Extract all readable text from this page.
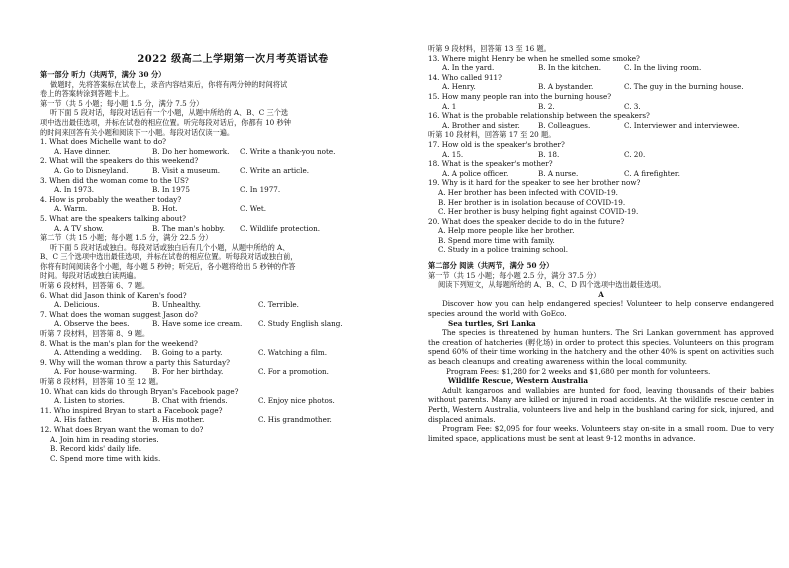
2022 级高二上学期第一次月考英语试卷
第一部分 听力（共两节，满分 30 分）
做题时，先将答案标在试卷上，录音内容结束后，你将有两分钟的时间将试
卷上的答案转涂到答题卡上。
第一节（共 5 小题；每小题 1.5 分，满分 7.5 分）
听下面 5 段对话，每段对话后有一个小题，从题中所给的 A、B、C 三个选
项中选出最佳选项，并标在试卷的相应位置。听完每段对话后，你都有 10 秒钟
的时间来回答有关小题和阅读下一小题。每段对话仅读一遍。
1. What does Michelle want to do?
A. Have dinner.	B. Do her homework. C. Write a thank-you note.
2. What will the speakers do this weekend?
A. Go to Disneyland.	B. Visit a museum.	C. Write an article.
3. When did the woman come to the US?
A. In 1973.	B. In 1975	C. In 1977.
4. How is probably the weather today?
A. Warm.	B. Hot.	C. Wet.
5. What are the speakers talking about?
A. A TV show.	B. The man's hobby. C. Wildlife protection.
第二节（共 15 小题；每小题 1.5 分，满分 22.5 分）
听下面 5 段对话或独白。每段对话或独白后有几个小题，从题中所给的 A、
B、C 三个选项中选出最佳选项，并标在试卷的相应位置。听每段对话或独白前，
你将有时间阅读各个小题，每小题 5 秒钟；听完后，各小题将给出 5 秒钟的作答
时间。每段对话或独白读两遍。
听第 6 段材料，回答第 6、7 题。
6. What did Jason think of Karen's food?
A. Delicious.	B. Unhealthy.	C. Terrible.
7. What does the woman suggest Jason do?
A. Observe the bees.	B. Have some ice cream. C. Study English slang.
听第 7 段材料，回答第 8、9 题。
8. What is the man's plan for the weekend?
A. Attending a wedding. B. Going to a party.	C. Watching a film.
9. Why will the woman throw a party this Saturday?
A. For house-warming. B. For her birthday.	C. For a promotion.
听第 8 段材料，回答第 10 至 12 题。
10. What can kids do through Bryan's Facebook page?
A. Listen to stories.	B. Chat with friends.	C. Enjoy nice photos.
11. Who inspired Bryan to start a Facebook page?
A. His father.	B. His mother.	C. His grandmother.
12. What does Bryan want the woman to do?
A. Join him in reading stories.
B. Record kids' daily life.
C. Spend more time with kids.
听第 9 段材料，回答第 13 至 16 题。
13. Where might Henry be when he smelled some smoke?
A. In the yard.	B. In the kitchen.	C. In the living room.
14. Who called 911?
A. Henry.	B. A bystander.	C. The guy in the burning house.
15. How many people ran into the burning house?
A. 1	B. 2.	C. 3.
16. What is the probable relationship between the speakers?
A. Brother and sister.	B. Colleagues.	C. Interviewer and interviewee.
听第 10 段材料，回答第 17 至 20 题。
17. How old is the speaker's brother?
A. 15.	B. 18.	C. 20.
18. What is the speaker's mother?
A. A police officer.	B. A nurse.	C. A firefighter.
19. Why is it hard for the speaker to see her brother now?
A. Her brother has been infected with COVID-19.
B. Her brother is in isolation because of COVID-19.
C. Her brother is busy helping fight against COVID-19.
20. What does the speaker decide to do in the future?
A. Help more people like her brother.
B. Spend more time with family.
C. Study in a police training school.
第二部分 阅读（共两节，满分 50 分）
第一节（共 15 小题；每小题 2.5 分，满分 37.5 分）
阅读下列短文，从每题所给的 A、B、C、D 四个选项中选出最佳选项。
A
Discover how you can help endangered species! Volunteer to help conserve endangered species around the world with GoEco.
Sea turtles, Sri Lanka
The species is threatened by human hunters. The Sri Lankan government has approved the creation of hatcheries (孵化场) in order to protect this species. Volunteers on this program spend 60% of their time working in the hatchery and the other 40% is spent on activities such as beach cleanups and creating awareness within the local community.
Program Fees: $1,280 for 2 weeks and $1,680 per month for volunteers.
Wildlife Rescue, Western Australia
Adult kangaroos and wallabies are hunted for food, leaving thousands of their babies without parents. Many are killed or injured in road accidents. At the wildlife rescue center in Perth, Western Australia, volunteers live and help in the bushland caring for sick, injured, and displaced animals.
Program Fee: $2,095 for four weeks. Volunteers stay on-site in a small room. Due to very limited space, applications must be sent at least 9-12 months in advance.
